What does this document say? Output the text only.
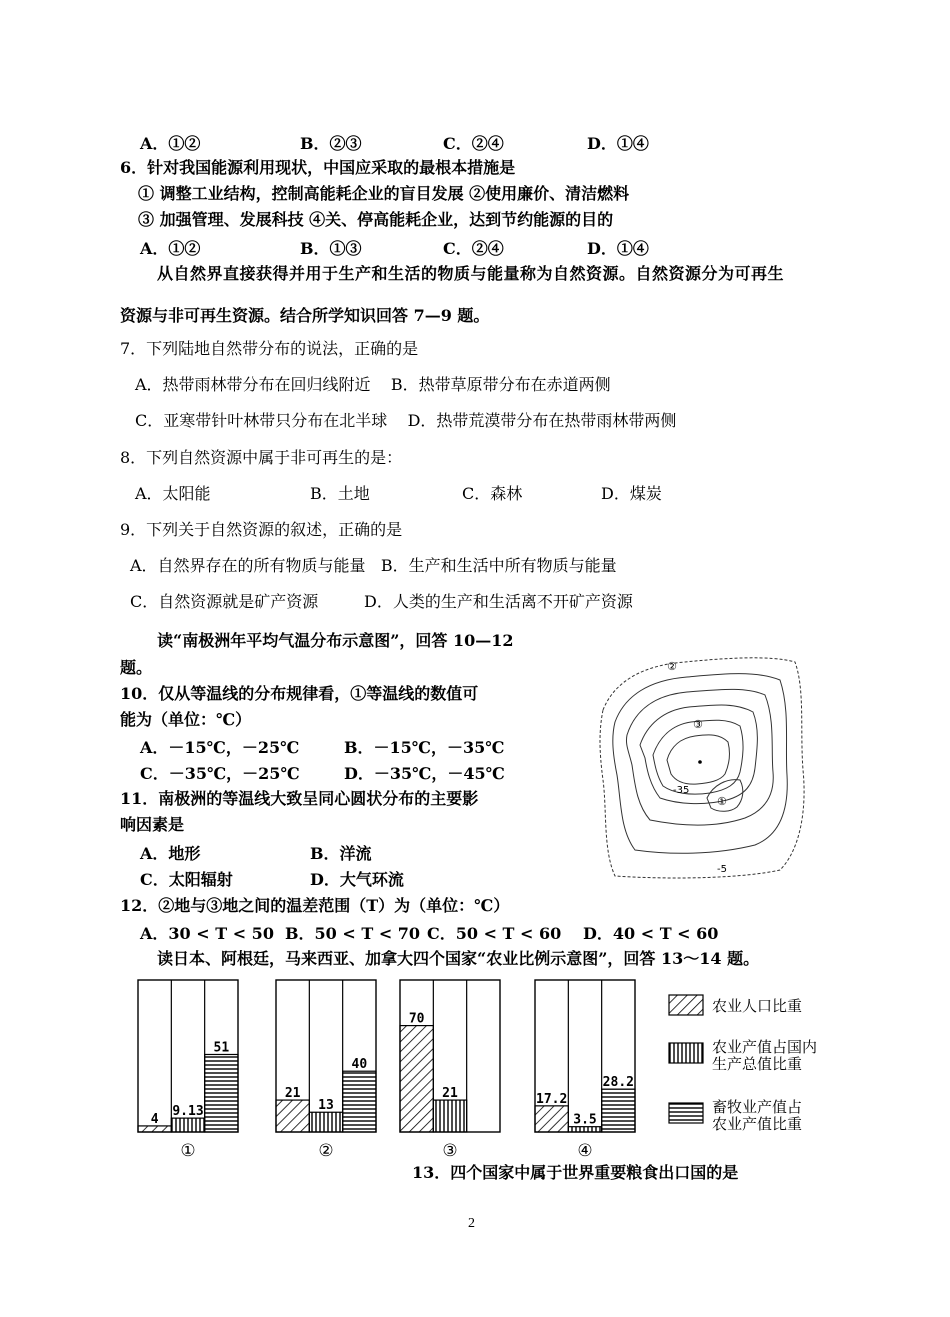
A．①②	B．②③	C．②④	D．①④
6．针对我国能源利用现状，中国应采取的最根本措施是
① 调整工业结构，控制高能耗企业的盲目发展 ②使用廉价、清洁燃料
③ 加强管理、发展科技 ④关、停高能耗企业，达到节约能源的目的
A．①②	B．①③	C．②④	D．①④
从自然界直接获得并用于生产和生活的物质与能量称为自然资源。自然资源分为可再生
资源与非可再生资源。结合所学知识回答 7—9 题。
7．下列陆地自然带分布的说法，正确的是
A．热带雨林带分布在回归线附近    B．热带草原带分布在赤道两侧
C．亚寒带针叶林带只分布在北半球    D．热带荒漠带分布在热带雨林带两侧
8．下列自然资源中属于非可再生的是：
A．太阳能	B．土地	C．森林	D．煤炭
9．下列关于自然资源的叙述，正确的是
A．自然界存在的所有物质与能量   B．生产和生活中所有物质与能量
C．自然资源就是矿产资源         D．人类的生产和生活离不开矿产资源
读“南极洲年平均气温分布示意图”，回答 10—12
题。
10．仅从等温线的分布规律看，①等温线的数值可
能为（单位：℃）
A．－15℃，－25℃	B．－15℃，－35℃
C．－35℃，－25℃	D．－35℃，－45℃
11．南极洲的等温线大致呈同心圆状分布的主要影
响因素是
A．地形	B．洋流
C．太阳辐射	D．大气环流
②
③
-35
①
-5
12．②地与③地之间的温差范围（T）为（单位：℃）
A．30 < T < 50 B．50 < T < 70 C．50 < T < 60 D．40 < T < 60
读日本、阿根廷，马来西亚、加拿大四个国家“农业比例示意图”，回答 13～14 题。
4
9.13
51
①
21
13
40
②
70
21
③
17.2
3.5
28.2
④
农业人口比重
农业产值占国内
生产总值比重
畜牧业产值占
农业产值比重
13．四个国家中属于世界重要粮食出口国的是
2
